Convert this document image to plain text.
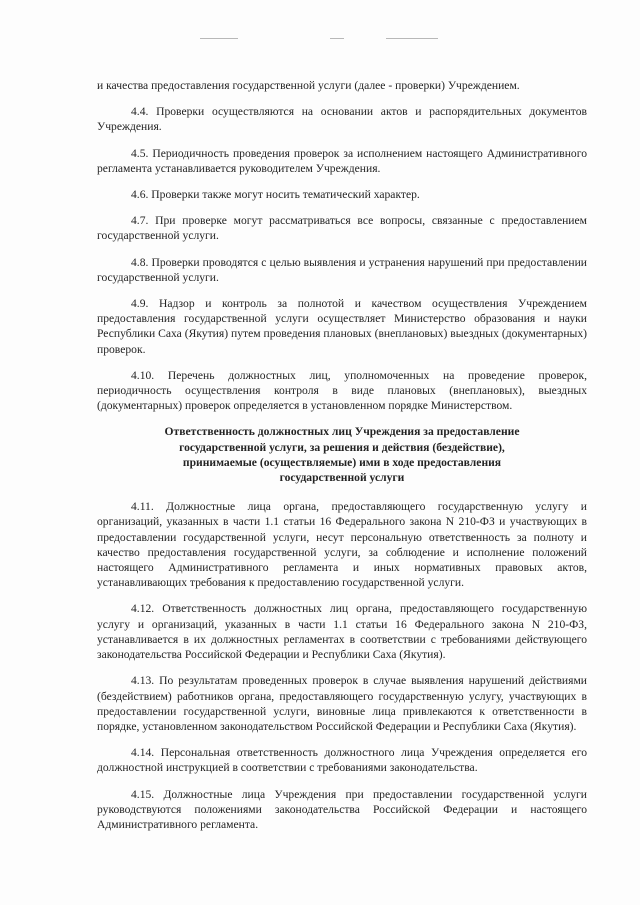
и качества предоставления государственной услуги (далее - проверки) Учреждением.

4.4. Проверки осуществляются на основании актов и распорядительных документов Учреждения.

4.5. Периодичность проведения проверок за исполнением настоящего Административного регламента устанавливается руководителем Учреждения.

4.6. Проверки также могут носить тематический характер.

4.7. При проверке могут рассматриваться все вопросы, связанные с предоставлением государственной услуги.

4.8. Проверки проводятся с целью выявления и устранения нарушений при предоставлении государственной услуги.

4.9. Надзор и контроль за полнотой и качеством осуществления Учреждением предоставления государственной услуги осуществляет Министерство образования и науки Республики Саха (Якутия) путем проведения плановых (внеплановых) выездных (документарных) проверок.

4.10. Перечень должностных лиц, уполномоченных на проведение проверок, периодичность осуществления контроля в виде плановых (внеплановых), выездных (документарных) проверок определяется в установленном порядке Министерством.

Ответственность должностных лиц Учреждения за предоставление
государственной услуги, за решения и действия (бездействие),
принимаемые (осуществляемые) ими в ходе предоставления
государственной услуги

4.11. Должностные лица органа, предоставляющего государственную услугу и организаций, указанных в части 1.1 статьи 16 Федерального закона N 210-ФЗ и участвующих в предоставлении государственной услуги, несут персональную ответственность за полноту и качество предоставления государственной услуги, за соблюдение и исполнение положений настоящего Административного регламента и иных нормативных правовых актов, устанавливающих требования к предоставлению государственной услуги.

4.12. Ответственность должностных лиц органа, предоставляющего государственную услугу и организаций, указанных в части 1.1 статьи 16 Федерального закона N 210-ФЗ, устанавливается в их должностных регламентах в соответствии с требованиями действующего законодательства Российской Федерации и Республики Саха (Якутия).

4.13. По результатам проведенных проверок в случае выявления нарушений действиями (бездействием) работников органа, предоставляющего государственную услугу, участвующих в предоставлении государственной услуги, виновные лица привлекаются к ответственности в порядке, установленном законодательством Российской Федерации и Республики Саха (Якутия).

4.14. Персональная ответственность должностного лица Учреждения определяется его должностной инструкцией в соответствии с требованиями законодательства.

4.15. Должностные лица Учреждения при предоставлении государственной услуги руководствуются положениями законодательства Российской Федерации и настоящего Административного регламента.
